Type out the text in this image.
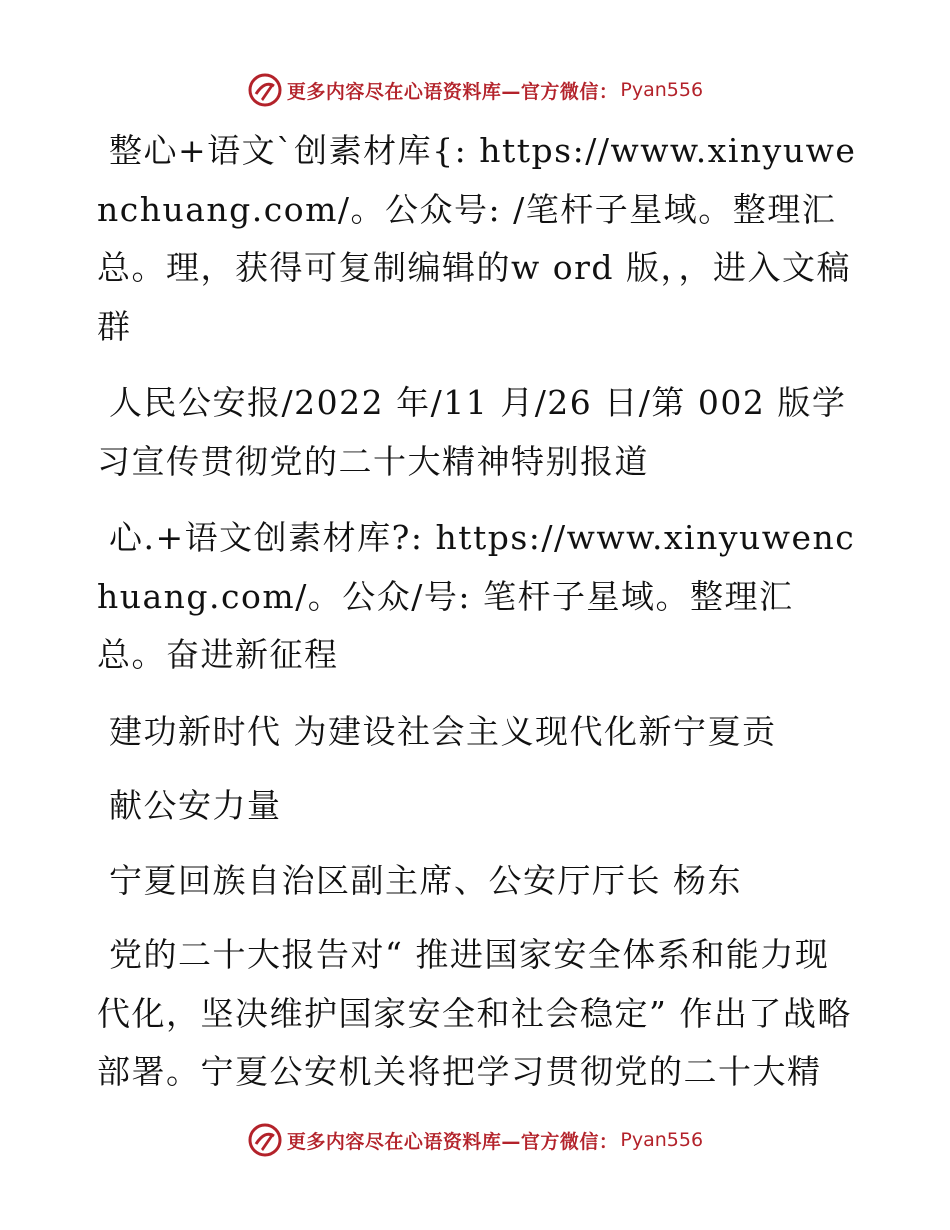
更多内容尽在心语资料库—官方微信： Pyan556

整心+语文`创素材库{: https://www.xinyuwenchuang.com/。公众号: /笔杆子星域。整理汇总。理，获得可复制编辑的w ord 版，，进入文稿群

人民公安报/2022 年/11 月/26 日/第 002 版学习宣传贯彻党的二十大精神特别报道

心.+语文创素材库?: https://www.xinyuwenchuang.com/。公众/号: 笔杆子星域。整理汇总。奋进新征程

建功新时代 为建设社会主义现代化新宁夏贡

献公安力量

宁夏回族自治区副主席、公安厅厅长 杨东

党的二十大报告对“ 推进国家安全体系和能力现代化，坚决维护国家安全和社会稳定” 作出了战略部署。宁夏公安机关将把学习贯彻党的二十大精

更多内容尽在心语资料库—官方微信： Pyan556
